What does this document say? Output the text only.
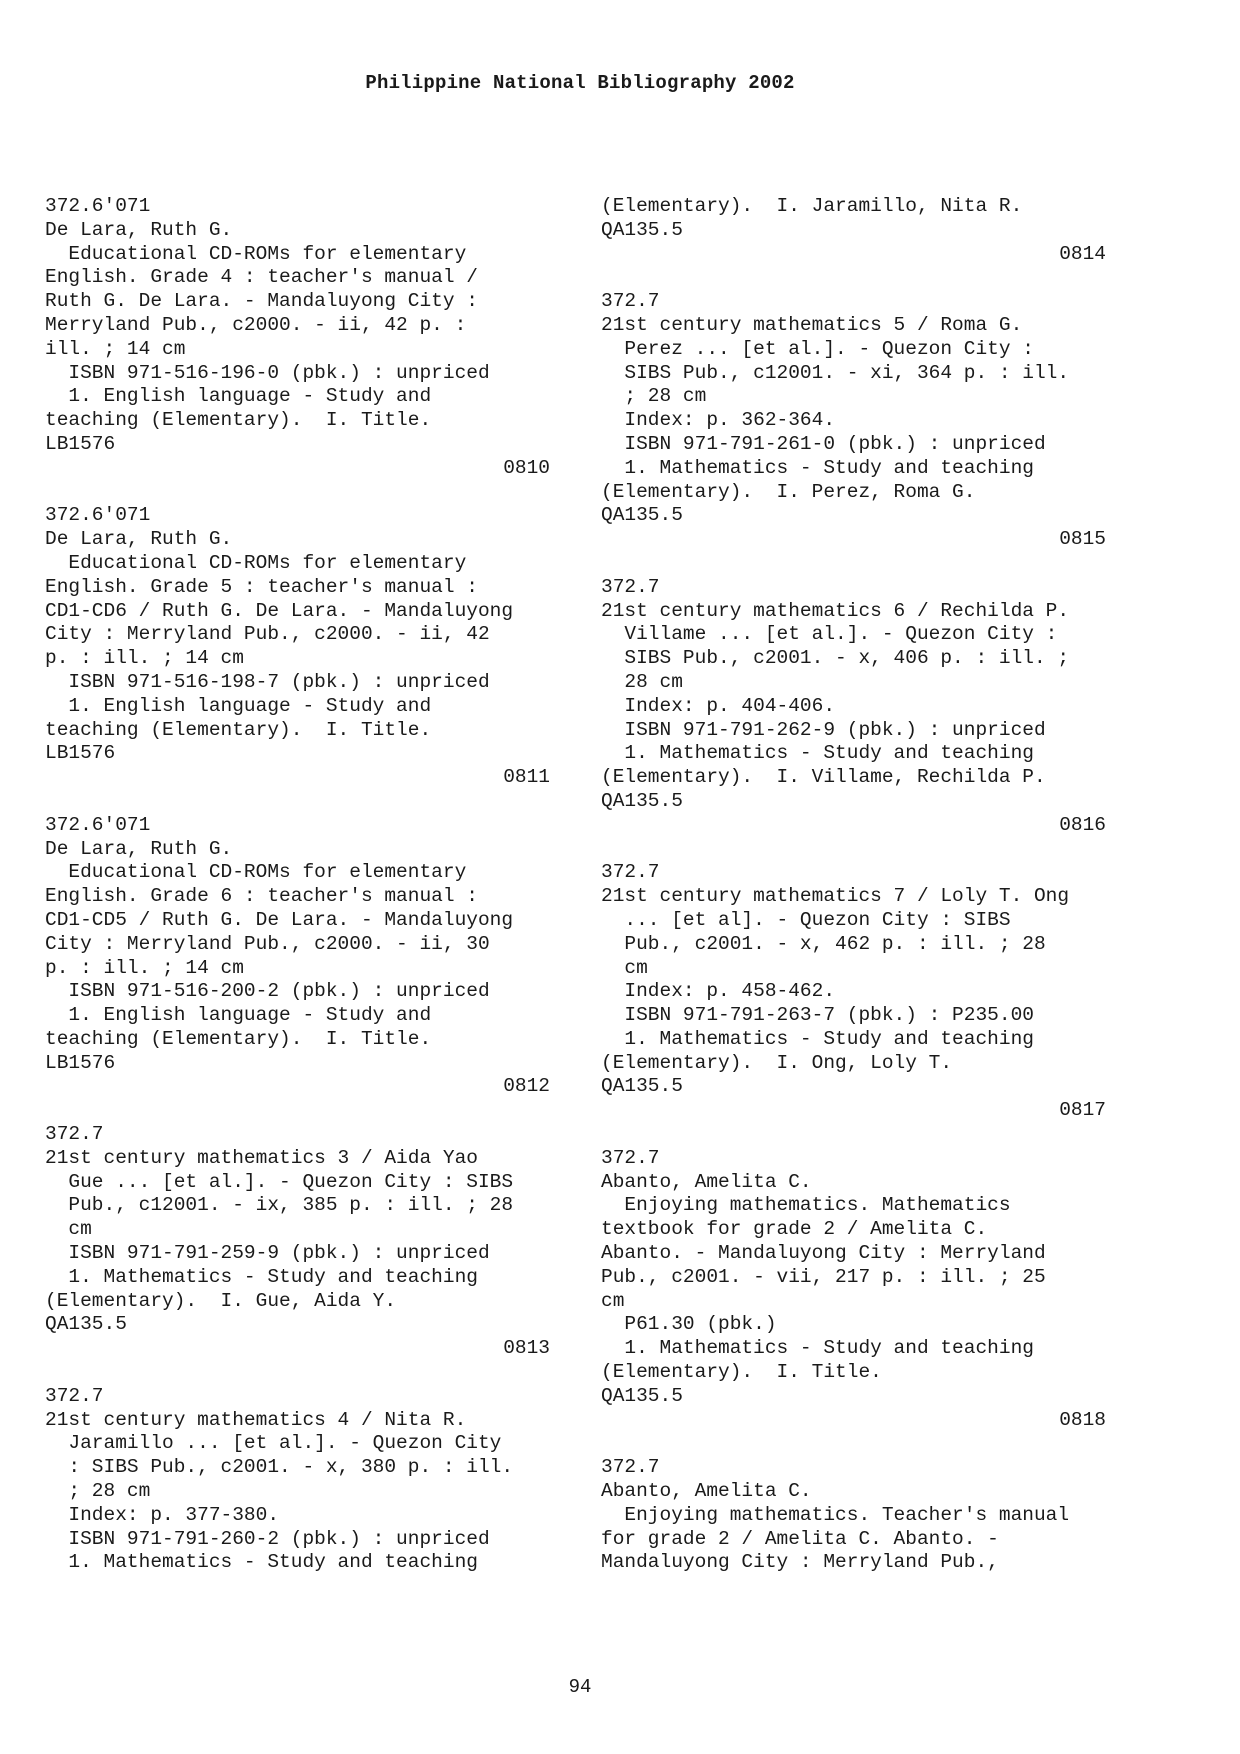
Philippine National Bibliography 2002
372.6'071
De Lara, Ruth G.
Educational CD-ROMs for elementary
English. Grade 4 : teacher's manual /
Ruth G. De Lara. - Mandaluyong City :
Merryland Pub., c2000. - ii, 42 p. :
ill. ; 14 cm
ISBN 971-516-196-0 (pbk.) : unpriced
1. English language - Study and
teaching (Elementary).  I. Title.
LB1576
0810
372.6'071
De Lara, Ruth G.
Educational CD-ROMs for elementary
English. Grade 5 : teacher's manual :
CD1-CD6 / Ruth G. De Lara. - Mandaluyong
City : Merryland Pub., c2000. - ii, 42
p. : ill. ; 14 cm
ISBN 971-516-198-7 (pbk.) : unpriced
1. English language - Study and
teaching (Elementary).  I. Title.
LB1576
0811
372.6'071
De Lara, Ruth G.
Educational CD-ROMs for elementary
English. Grade 6 : teacher's manual :
CD1-CD5 / Ruth G. De Lara. - Mandaluyong
City : Merryland Pub., c2000. - ii, 30
p. : ill. ; 14 cm
ISBN 971-516-200-2 (pbk.) : unpriced
1. English language - Study and
teaching (Elementary).  I. Title.
LB1576
0812
372.7
21st century mathematics 3 / Aida Yao
Gue ... [et al.]. - Quezon City : SIBS
Pub., c12001. - ix, 385 p. : ill. ; 28
cm
ISBN 971-791-259-9 (pbk.) : unpriced
1. Mathematics - Study and teaching
(Elementary).  I. Gue, Aida Y.
QA135.5
0813
372.7
21st century mathematics 4 / Nita R.
Jaramillo ... [et al.]. - Quezon City
: SIBS Pub., c2001. - x, 380 p. : ill.
; 28 cm
Index: p. 377-380.
ISBN 971-791-260-2 (pbk.) : unpriced
1. Mathematics - Study and teaching
(Elementary).  I. Jaramillo, Nita R.
QA135.5
0814
372.7
21st century mathematics 5 / Roma G.
Perez ... [et al.]. - Quezon City :
SIBS Pub., c12001. - xi, 364 p. : ill.
; 28 cm
Index: p. 362-364.
ISBN 971-791-261-0 (pbk.) : unpriced
1. Mathematics - Study and teaching
(Elementary).  I. Perez, Roma G.
QA135.5
0815
372.7
21st century mathematics 6 / Rechilda P.
Villame ... [et al.]. - Quezon City :
SIBS Pub., c2001. - x, 406 p. : ill. ;
28 cm
Index: p. 404-406.
ISBN 971-791-262-9 (pbk.) : unpriced
1. Mathematics - Study and teaching
(Elementary).  I. Villame, Rechilda P.
QA135.5
0816
372.7
21st century mathematics 7 / Loly T. Ong
... [et al]. - Quezon City : SIBS
Pub., c2001. - x, 462 p. : ill. ; 28
cm
Index: p. 458-462.
ISBN 971-791-263-7 (pbk.) : P235.00
1. Mathematics - Study and teaching
(Elementary).  I. Ong, Loly T.
QA135.5
0817
372.7
Abanto, Amelita C.
Enjoying mathematics. Mathematics
textbook for grade 2 / Amelita C.
Abanto. - Mandaluyong City : Merryland
Pub., c2001. - vii, 217 p. : ill. ; 25
cm
P61.30 (pbk.)
1. Mathematics - Study and teaching
(Elementary).  I. Title.
QA135.5
0818
372.7
Abanto, Amelita C.
Enjoying mathematics. Teacher's manual
for grade 2 / Amelita C. Abanto. -
Mandaluyong City : Merryland Pub.,
94
